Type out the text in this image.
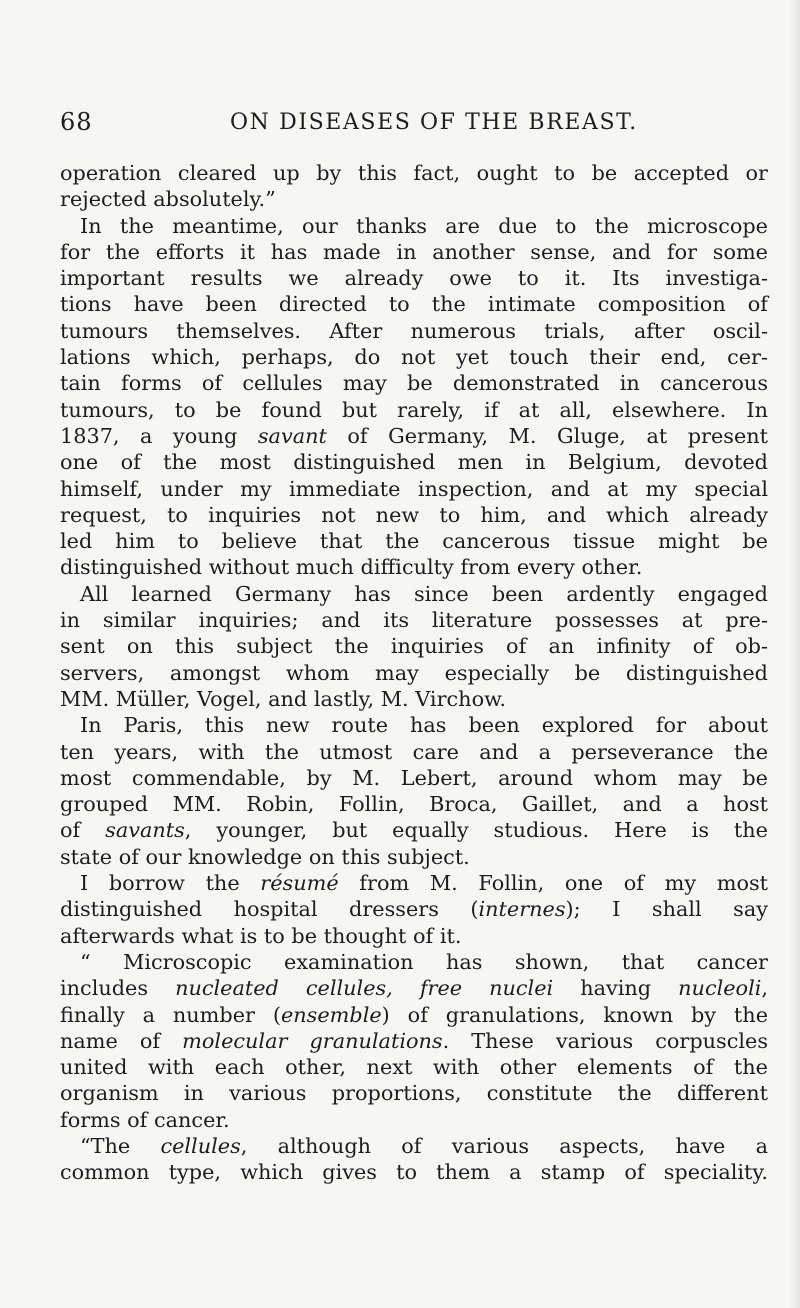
68	ON DISEASES OF THE BREAST.
operation cleared up by this fact, ought to be accepted or
rejected absolutely.”
In the meantime, our thanks are due to the microscope
for the efforts it has made in another sense, and for some
important results we already owe to it. Its investiga-
tions have been directed to the intimate composition of
tumours themselves. After numerous trials, after oscil-
lations which, perhaps, do not yet touch their end, cer-
tain forms of cellules may be demonstrated in cancerous
tumours, to be found but rarely, if at all, elsewhere. In
1837, a young savant of Germany, M. Gluge, at present
one of the most distinguished men in Belgium, devoted
himself, under my immediate inspection, and at my special
request, to inquiries not new to him, and which already
led him to believe that the cancerous tissue might be
distinguished without much difficulty from every other.
All learned Germany has since been ardently engaged
in similar inquiries; and its literature possesses at pre-
sent on this subject the inquiries of an infinity of ob-
servers, amongst whom may especially be distinguished
MM. Müller, Vogel, and lastly, M. Virchow.
In Paris, this new route has been explored for about
ten years, with the utmost care and a perseverance the
most commendable, by M. Lebert, around whom may be
grouped MM. Robin, Follin, Broca, Gaillet, and a host
of savants, younger, but equally studious. Here is the
state of our knowledge on this subject.
I borrow the résumé from M. Follin, one of my most
distinguished hospital dressers (internes); I shall say
afterwards what is to be thought of it.
“ Microscopic examination has shown, that cancer
includes nucleated cellules, free nuclei having nucleoli,
finally a number (ensemble) of granulations, known by the
name of molecular granulations. These various corpuscles
united with each other, next with other elements of the
organism in various proportions, constitute the different
forms of cancer.
“The cellules, although of various aspects, have a
common type, which gives to them a stamp of speciality.
